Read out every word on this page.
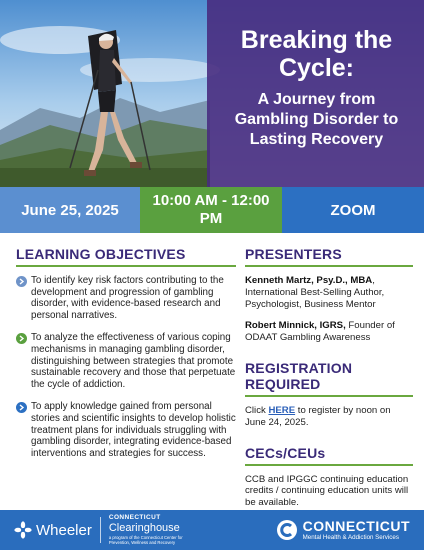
Breaking the Cycle:
A Journey from Gambling Disorder to Lasting Recovery
June 25, 2025
10:00 AM - 12:00 PM	ZOOM
LEARNING OBJECTIVES
To identify key risk factors contributing to the development and progression of gambling disorder, with evidence-based research and personal narratives.
To analyze the effectiveness of various coping mechanisms in managing gambling disorder, distinguishing between strategies that promote sustainable recovery and those that perpetuate the cycle of addiction.
To apply knowledge gained from personal stories and scientific insights to develop holistic treatment plans for individuals struggling with gambling disorder, integrating evidence-based interventions and strategies for success.
PRESENTERS
Kenneth Martz, Psy.D., MBA, International Best-Selling Author, Psychologist, Business Mentor
Robert Minnick, IGRS, Founder of ODAAT Gambling Awareness
REGISTRATION REQUIRED
Click HERE to register by noon on June 24, 2025.
CECs/CEUs
CCB and IPGGC continuing education credits / continuing education units will be available.
Wheeler
CONNECTICUT
Clearinghouse
a program of the Connecticut Center for Prevention, Wellness and Recovery
CONNECTICUT
Mental Health & Addiction Services
